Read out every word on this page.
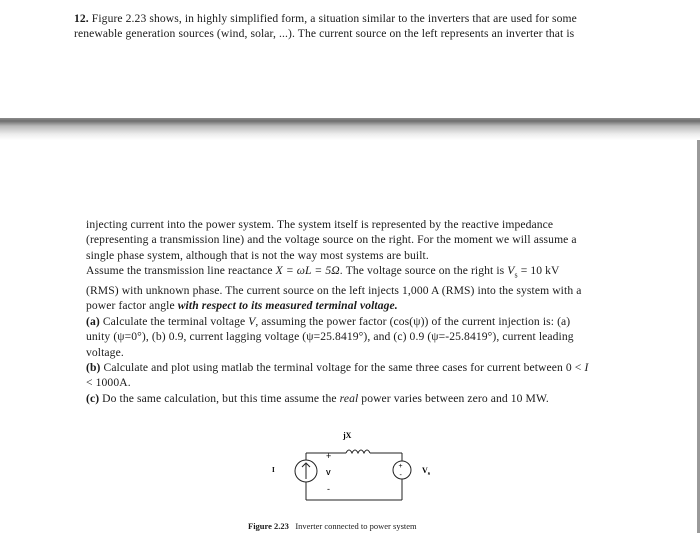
12. Figure 2.23 shows, in highly simplified form, a situation similar to the inverters that are used for some
renewable generation sources (wind, solar, ...). The current source on the left represents an inverter that is
injecting current into the power system. The system itself is represented by the reactive impedance
(representing a transmission line) and the voltage source on the right. For the moment we will assume a
single phase system, although that is not the way most systems are built.
Assume the transmission line reactance X = ωL = 5Ω. The voltage source on the right is $V_s = 10$ kV
(RMS) with unknown phase. The current source on the left injects 1,000 A (RMS) into the system with a
power factor angle with respect to its measured terminal voltage.
(a) Calculate the terminal voltage V, assuming the power factor (cos(ψ)) of the current injection is: (a)
unity (ψ=0°), (b) 0.9, current lagging voltage (ψ=25.8419°), and (c) 0.9 (ψ=-25.8419°), current leading
voltage.
(b) Calculate and plot using matlab the terminal voltage for the same three cases for current between 0 < I
< 1000A.
(c) Do the same calculation, but this time assume the real power varies between zero and 10 MW.
jX
I
+
V
-
+
-
$V_s$
Figure 2.23 Inverter connected to power system
